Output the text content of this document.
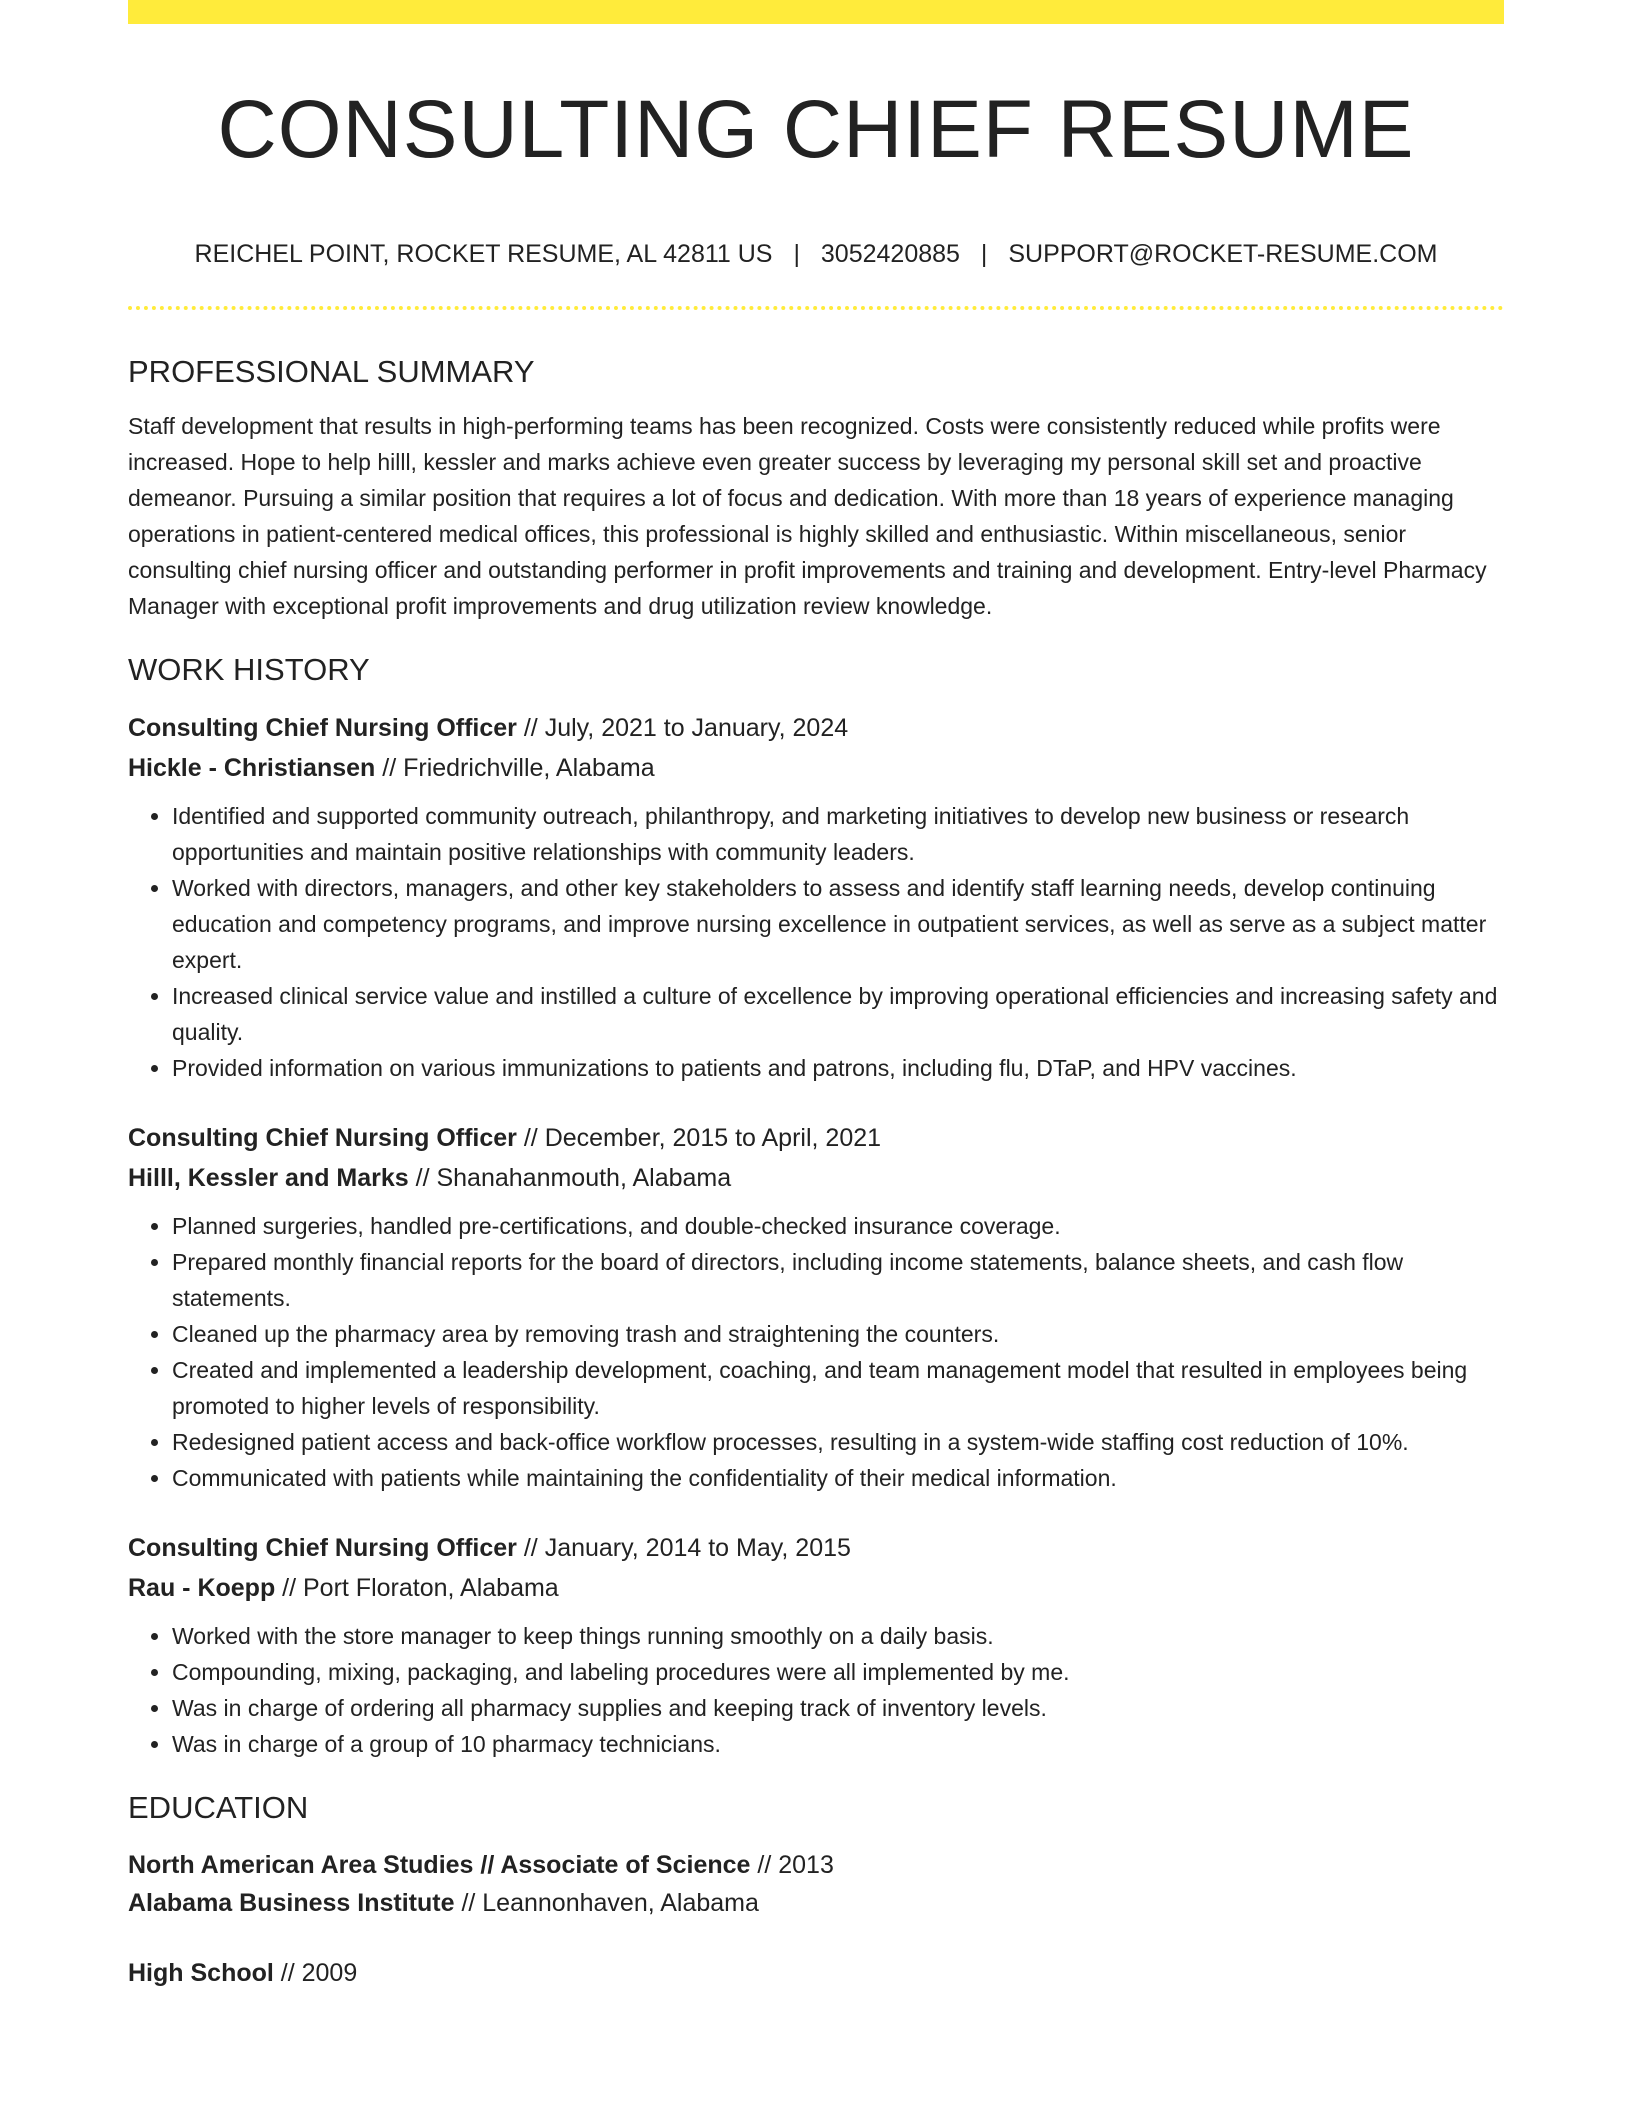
CONSULTING CHIEF RESUME
REICHEL POINT, ROCKET RESUME, AL 42811 US | 3052420885 | SUPPORT@ROCKET-RESUME.COM
PROFESSIONAL SUMMARY

Staff development that results in high-performing teams has been recognized. Costs were consistently reduced while profits were increased. Hope to help hilll, kessler and marks achieve even greater success by leveraging my personal skill set and proactive demeanor. Pursuing a similar position that requires a lot of focus and dedication. With more than 18 years of experience managing operations in patient-centered medical offices, this professional is highly skilled and enthusiastic. Within miscellaneous, senior consulting chief nursing officer and outstanding performer in profit improvements and training and development. Entry-level Pharmacy Manager with exceptional profit improvements and drug utilization review knowledge.

WORK HISTORY
Consulting Chief Nursing Officer // July, 2021 to January, 2024
Hickle - Christiansen // Friedrichville, Alabama
• Identified and supported community outreach, philanthropy, and marketing initiatives to develop new business or research opportunities and maintain positive relationships with community leaders.
• Worked with directors, managers, and other key stakeholders to assess and identify staff learning needs, develop continuing education and competency programs, and improve nursing excellence in outpatient services, as well as serve as a subject matter expert.
• Increased clinical service value and instilled a culture of excellence by improving operational efficiencies and increasing safety and quality.
• Provided information on various immunizations to patients and patrons, including flu, DTaP, and HPV vaccines.
Consulting Chief Nursing Officer // December, 2015 to April, 2021
Hilll, Kessler and Marks // Shanahanmouth, Alabama
• Planned surgeries, handled pre-certifications, and double-checked insurance coverage.
• Prepared monthly financial reports for the board of directors, including income statements, balance sheets, and cash flow statements.
• Cleaned up the pharmacy area by removing trash and straightening the counters.
• Created and implemented a leadership development, coaching, and team management model that resulted in employees being promoted to higher levels of responsibility.
• Redesigned patient access and back-office workflow processes, resulting in a system-wide staffing cost reduction of 10%.
• Communicated with patients while maintaining the confidentiality of their medical information.
Consulting Chief Nursing Officer // January, 2014 to May, 2015
Rau - Koepp // Port Floraton, Alabama
• Worked with the store manager to keep things running smoothly on a daily basis.
• Compounding, mixing, packaging, and labeling procedures were all implemented by me.
• Was in charge of ordering all pharmacy supplies and keeping track of inventory levels.
• Was in charge of a group of 10 pharmacy technicians.
EDUCATION
North American Area Studies // Associate of Science // 2013
Alabama Business Institute // Leannonhaven, Alabama
High School // 2009
